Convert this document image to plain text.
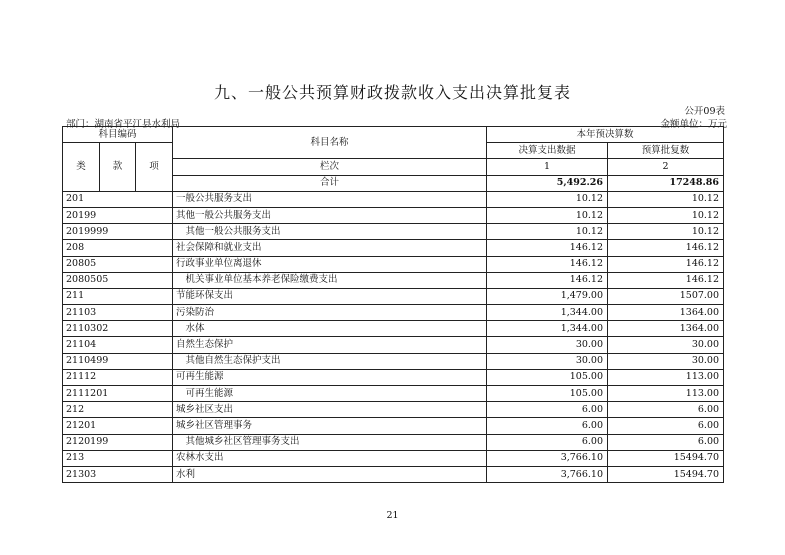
九、一般公共预算财政拨款收入支出决算批复表
公开09表
部门：湖南省平江县水利局	金额单位：万元
科目编码			科目名称	本年预决算数	
类	款	项		决算支出数据	预算批复数
			栏次	1	2
			合计	5,492.26	17248.86
201			一般公共服务支出	10.12	10.12
20199			其他一般公共服务支出	10.12	10.12
2019999			　其他一般公共服务支出	10.12	10.12
208			社会保障和就业支出	146.12	146.12
20805			行政事业单位离退休	146.12	146.12
2080505			　机关事业单位基本养老保险缴费支出	146.12	146.12
211			节能环保支出	1,479.00	1507.00
21103			污染防治	1,344.00	1364.00
2110302			　水体	1,344.00	1364.00
21104			自然生态保护	30.00	30.00
2110499			　其他自然生态保护支出	30.00	30.00
21112			可再生能源	105.00	113.00
2111201			　可再生能源	105.00	113.00
212			城乡社区支出	6.00	6.00
21201			城乡社区管理事务	6.00	6.00
2120199			　其他城乡社区管理事务支出	6.00	6.00
213			农林水支出	3,766.10	15494.70
21303			水利	3,766.10	15494.70
21
